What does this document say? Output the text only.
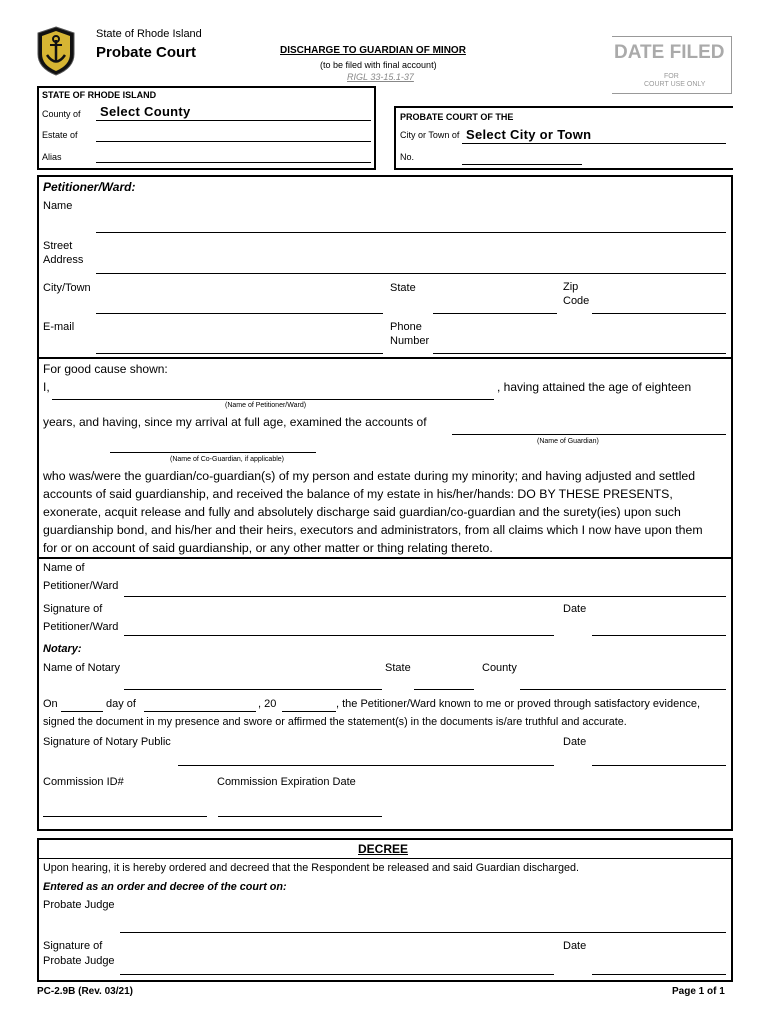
State of Rhode Island
Probate Court	DISCHARGE TO GUARDIAN OF MINOR
(to be filed with final account)
RIGL 33-15.1-37
DATE FILED
FOR
COURT USE ONLY
STATE OF RHODE ISLAND
County of Select County
Estate of
Alias
PROBATE COURT OF THE
City or Town of Select City or Town
No.
Petitioner/Ward:
Name
Street
Address
City/Town	State	Zip
Code
E-mail	Phone
Number
For good cause shown:
I,	, having attained the age of eighteen
(Name of Petitioner/Ward)
years, and having, since my arrival at full age, examined the accounts of
(Name of Guardian)
(Name of Co-Guardian, if applicable)
who was/were the guardian/co-guardian(s) of my person and estate during my minority; and having adjusted and settled
accounts of said guardianship, and received the balance of my estate in his/her/hands: DO BY THESE PRESENTS,
exonerate, acquit release and fully and absolutely discharge said guardian/co-guardian and the surety(ies) upon such
guardianship bond, and his/her and their heirs, executors and administrators, from all claims which I now have upon them
for or on account of said guardianship, or any other matter or thing relating thereto.
Name of
Petitioner/Ward
Signature of	Date
Petitioner/Ward
Notary:
Name of Notary	State	County
On	day of	, 20	, the Petitioner/Ward known to me or proved through satisfactory evidence,
signed the document in my presence and swore or affirmed the statement(s) in the documents is/are truthful and accurate.
Signature of Notary Public	Date
Commission ID#	Commission Expiration Date
DECREE
Upon hearing, it is hereby ordered and decreed that the Respondent be released and said Guardian discharged.
Entered as an order and decree of the court on:
Probate Judge
Signature of	Date
Probate Judge
PC-2.9B (Rev. 03/21)	Page 1 of 1
